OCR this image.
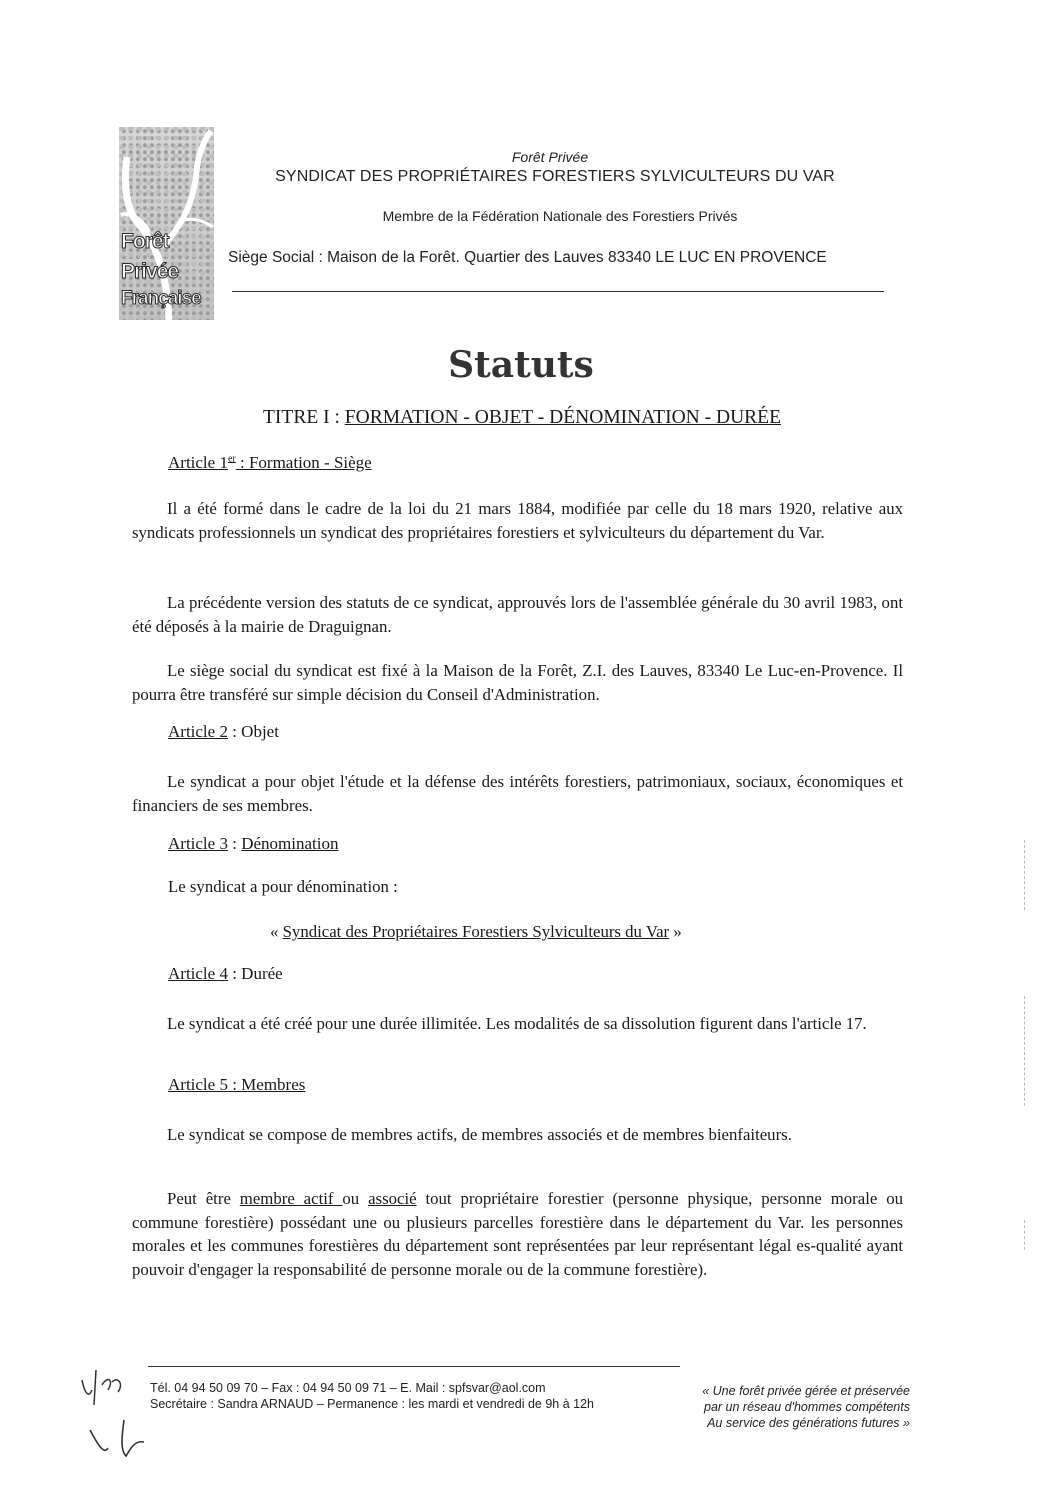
Forêt
Privée
Française
Forêt Privée
SYNDICAT DES PROPRIÉTAIRES FORESTIERS SYLVICULTEURS DU VAR
Membre de la Fédération Nationale des Forestiers Privés
Siège Social : Maison de la Forêt. Quartier des Lauves 83340 LE LUC EN PROVENCE
Statuts
TITRE I : FORMATION - OBJET - DÉNOMINATION - DURÉE
Article 1er : Formation - Siège

Il a été formé dans le cadre de la loi du 21 mars 1884, modifiée par celle du 18 mars 1920, relative aux syndicats professionnels un syndicat des propriétaires forestiers et sylviculteurs du département du Var.

La précédente version des statuts de ce syndicat, approuvés lors de l'assemblée générale du 30 avril 1983, ont été déposés à la mairie de Draguignan.

Le siège social du syndicat est fixé à la Maison de la Forêt, Z.I. des Lauves, 83340 Le Luc-en-Provence. Il pourra être transféré sur simple décision du Conseil d'Administration.

Article 2 : Objet

Le syndicat a pour objet l'étude et la défense des intérêts forestiers, patrimoniaux, sociaux, économiques et financiers de ses membres.

Article 3 : Dénomination
Le syndicat a pour dénomination :
« Syndicat des Propriétaires Forestiers Sylviculteurs du Var »
Article 4 : Durée

Le syndicat a été créé pour une durée illimitée. Les modalités de sa dissolution figurent dans l'article 17.

Article 5 : Membres

Le syndicat se compose de membres actifs, de membres associés et de membres bienfaiteurs.

Peut être membre actif ou associé tout propriétaire forestier (personne physique, personne morale ou commune forestière) possédant une ou plusieurs parcelles forestière dans le département du Var. les personnes morales et les communes forestières du département sont représentées par leur représentant légal es-qualité ayant pouvoir d'engager la responsabilité de personne morale ou de la commune forestière).

Tél. 04 94 50 09 70 – Fax : 04 94 50 09 71 – E. Mail : spfsvar@aol.com
Secrétaire : Sandra ARNAUD – Permanence : les mardi et vendredi de 9h à 12h
« Une forêt privée gérée et préservée
par un réseau d'hommes compétents
Au service des générations futures »
